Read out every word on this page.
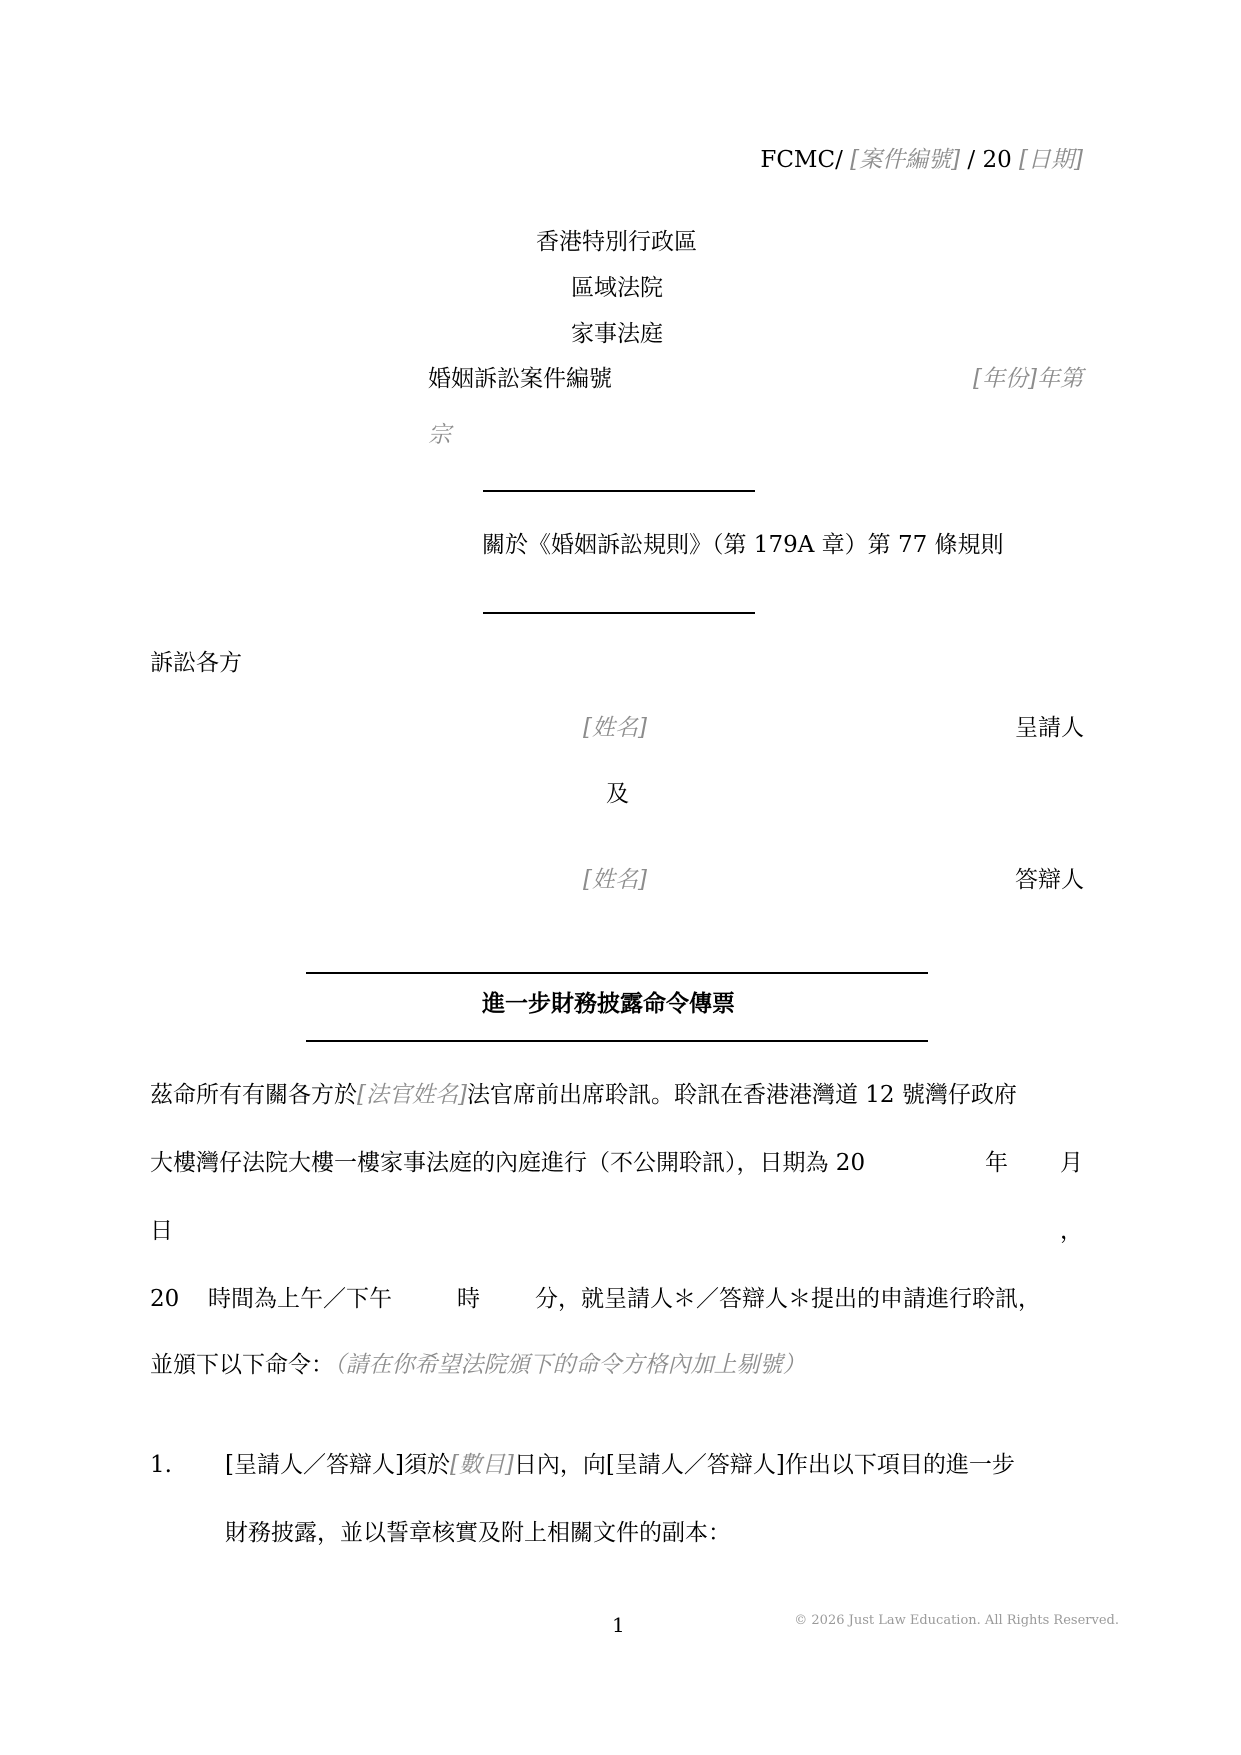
FCMC/ [案件編號] / 20 [日期]
香港特別行政區
區域法院
家事法庭
婚姻訴訟案件編號	[年份]年第
宗
關於《婚姻訴訟規則》（第 179A 章）第 77 條規則
訴訟各方
[姓名]	呈請人
及
[姓名]	答辯人
進一步財務披露命令傳票
茲命所有有關各方於[法官姓名]法官席前出席聆訊。聆訊在香港港灣道 12 號灣仔政府
大樓灣仔法院大樓一樓家事法庭的內庭進行（不公開聆訊），日期為 20	年 月
日	，
20 時間為上午／下午	時 分，就呈請人＊／答辯人＊提出的申請進行聆訊，
並頒下以下命令：（請在你希望法院頒下的命令方格內加上剔號）
1. [呈請人／答辯人]須於[數目]日內，向[呈請人／答辯人]作出以下項目的進一步
財務披露，並以誓章核實及附上相關文件的副本：
1	© 2026 Just Law Education. All Rights Reserved.
